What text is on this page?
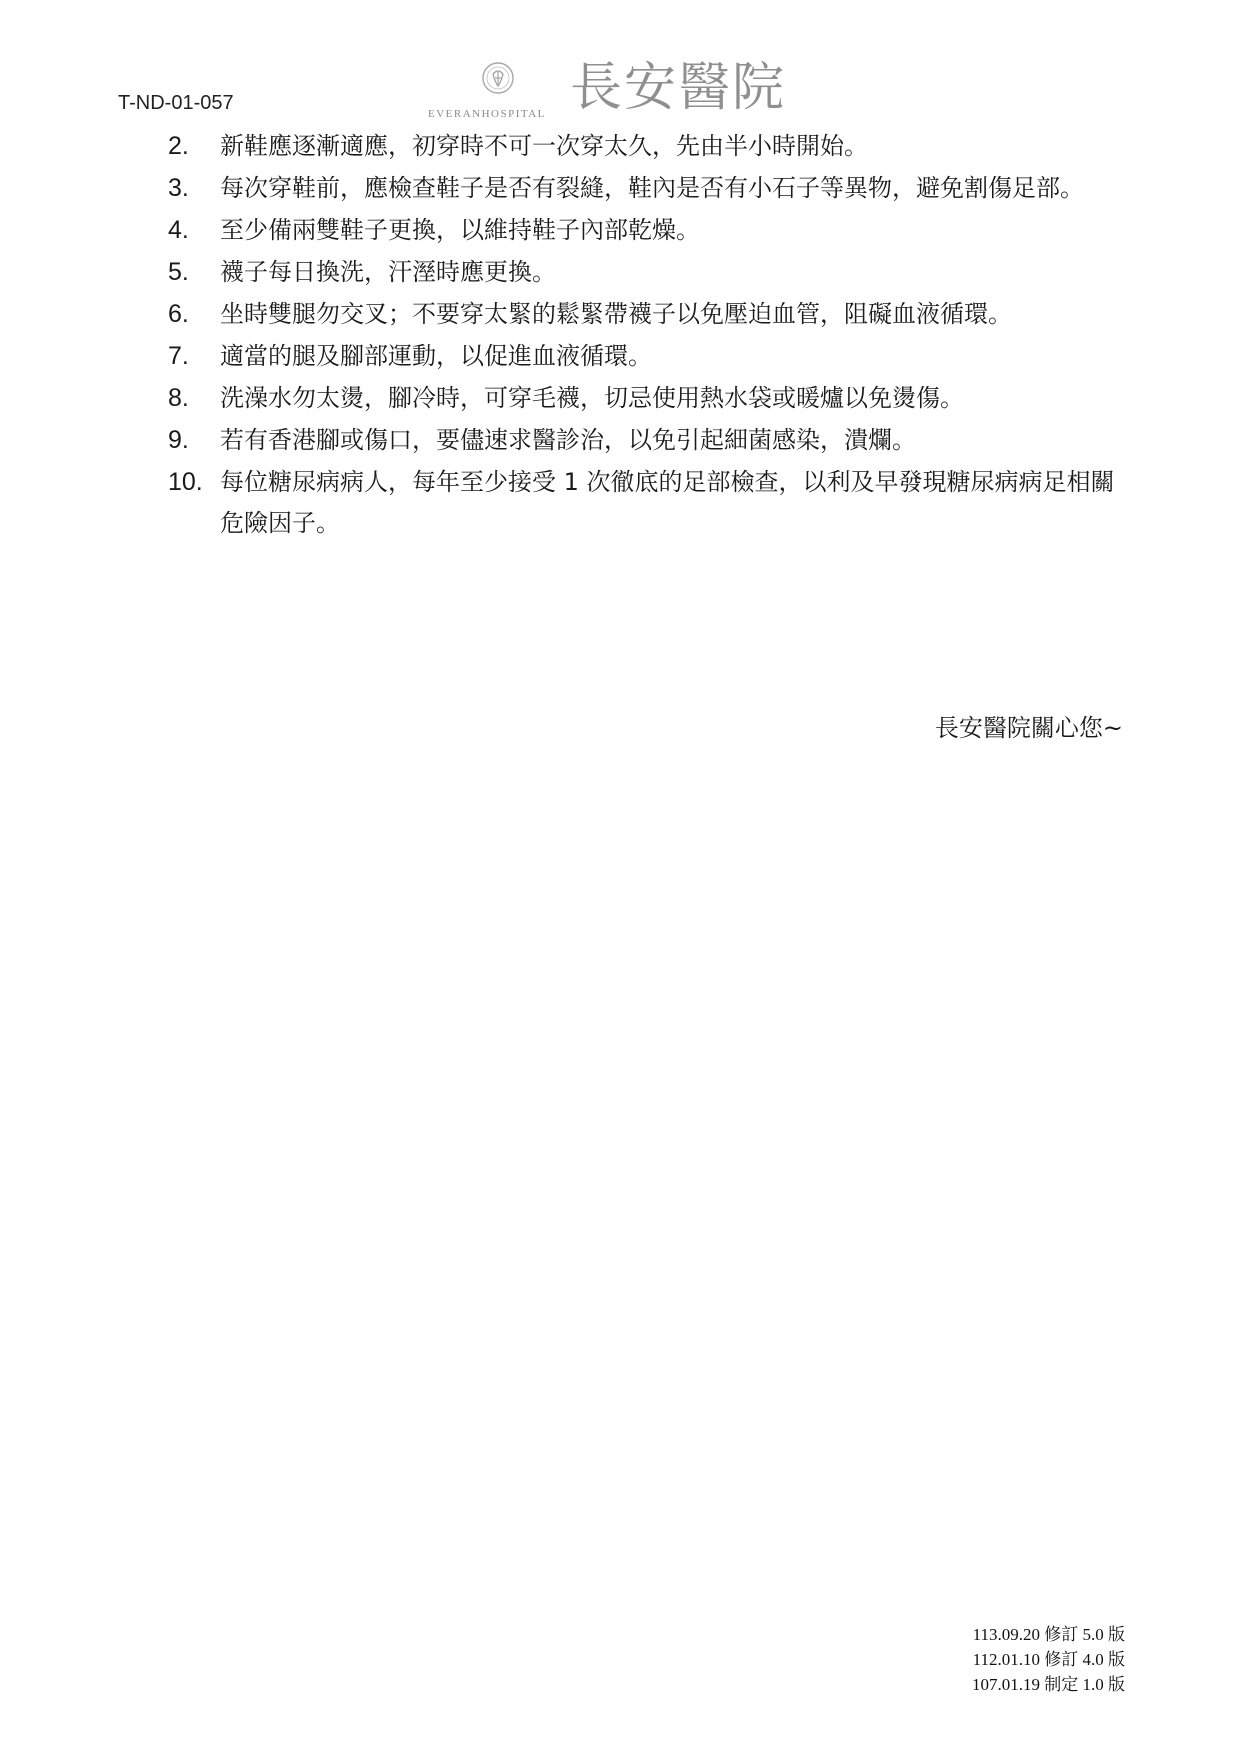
T-ND-01-057	EVERANHOSPITAL 長安醫院
2. 新鞋應逐漸適應，初穿時不可一次穿太久，先由半小時開始。
3. 每次穿鞋前，應檢查鞋子是否有裂縫，鞋內是否有小石子等異物，避免割傷足部。
4. 至少備兩雙鞋子更換，以維持鞋子內部乾燥。
5. 襪子每日換洗，汗溼時應更換。
6. 坐時雙腿勿交叉；不要穿太緊的鬆緊帶襪子以免壓迫血管，阻礙血液循環。
7. 適當的腿及腳部運動，以促進血液循環。
8. 洗澡水勿太燙，腳冷時，可穿毛襪，切忌使用熱水袋或暖爐以免燙傷。
9. 若有香港腳或傷口，要儘速求醫診治，以免引起細菌感染，潰爛。
10. 每位糖尿病病人，每年至少接受 1 次徹底的足部檢查，以利及早發現糖尿病病足相關危險因子。
長安醫院關心您~
113.09.20 修訂 5.0 版
112.01.10 修訂 4.0 版
107.01.19 制定 1.0 版
